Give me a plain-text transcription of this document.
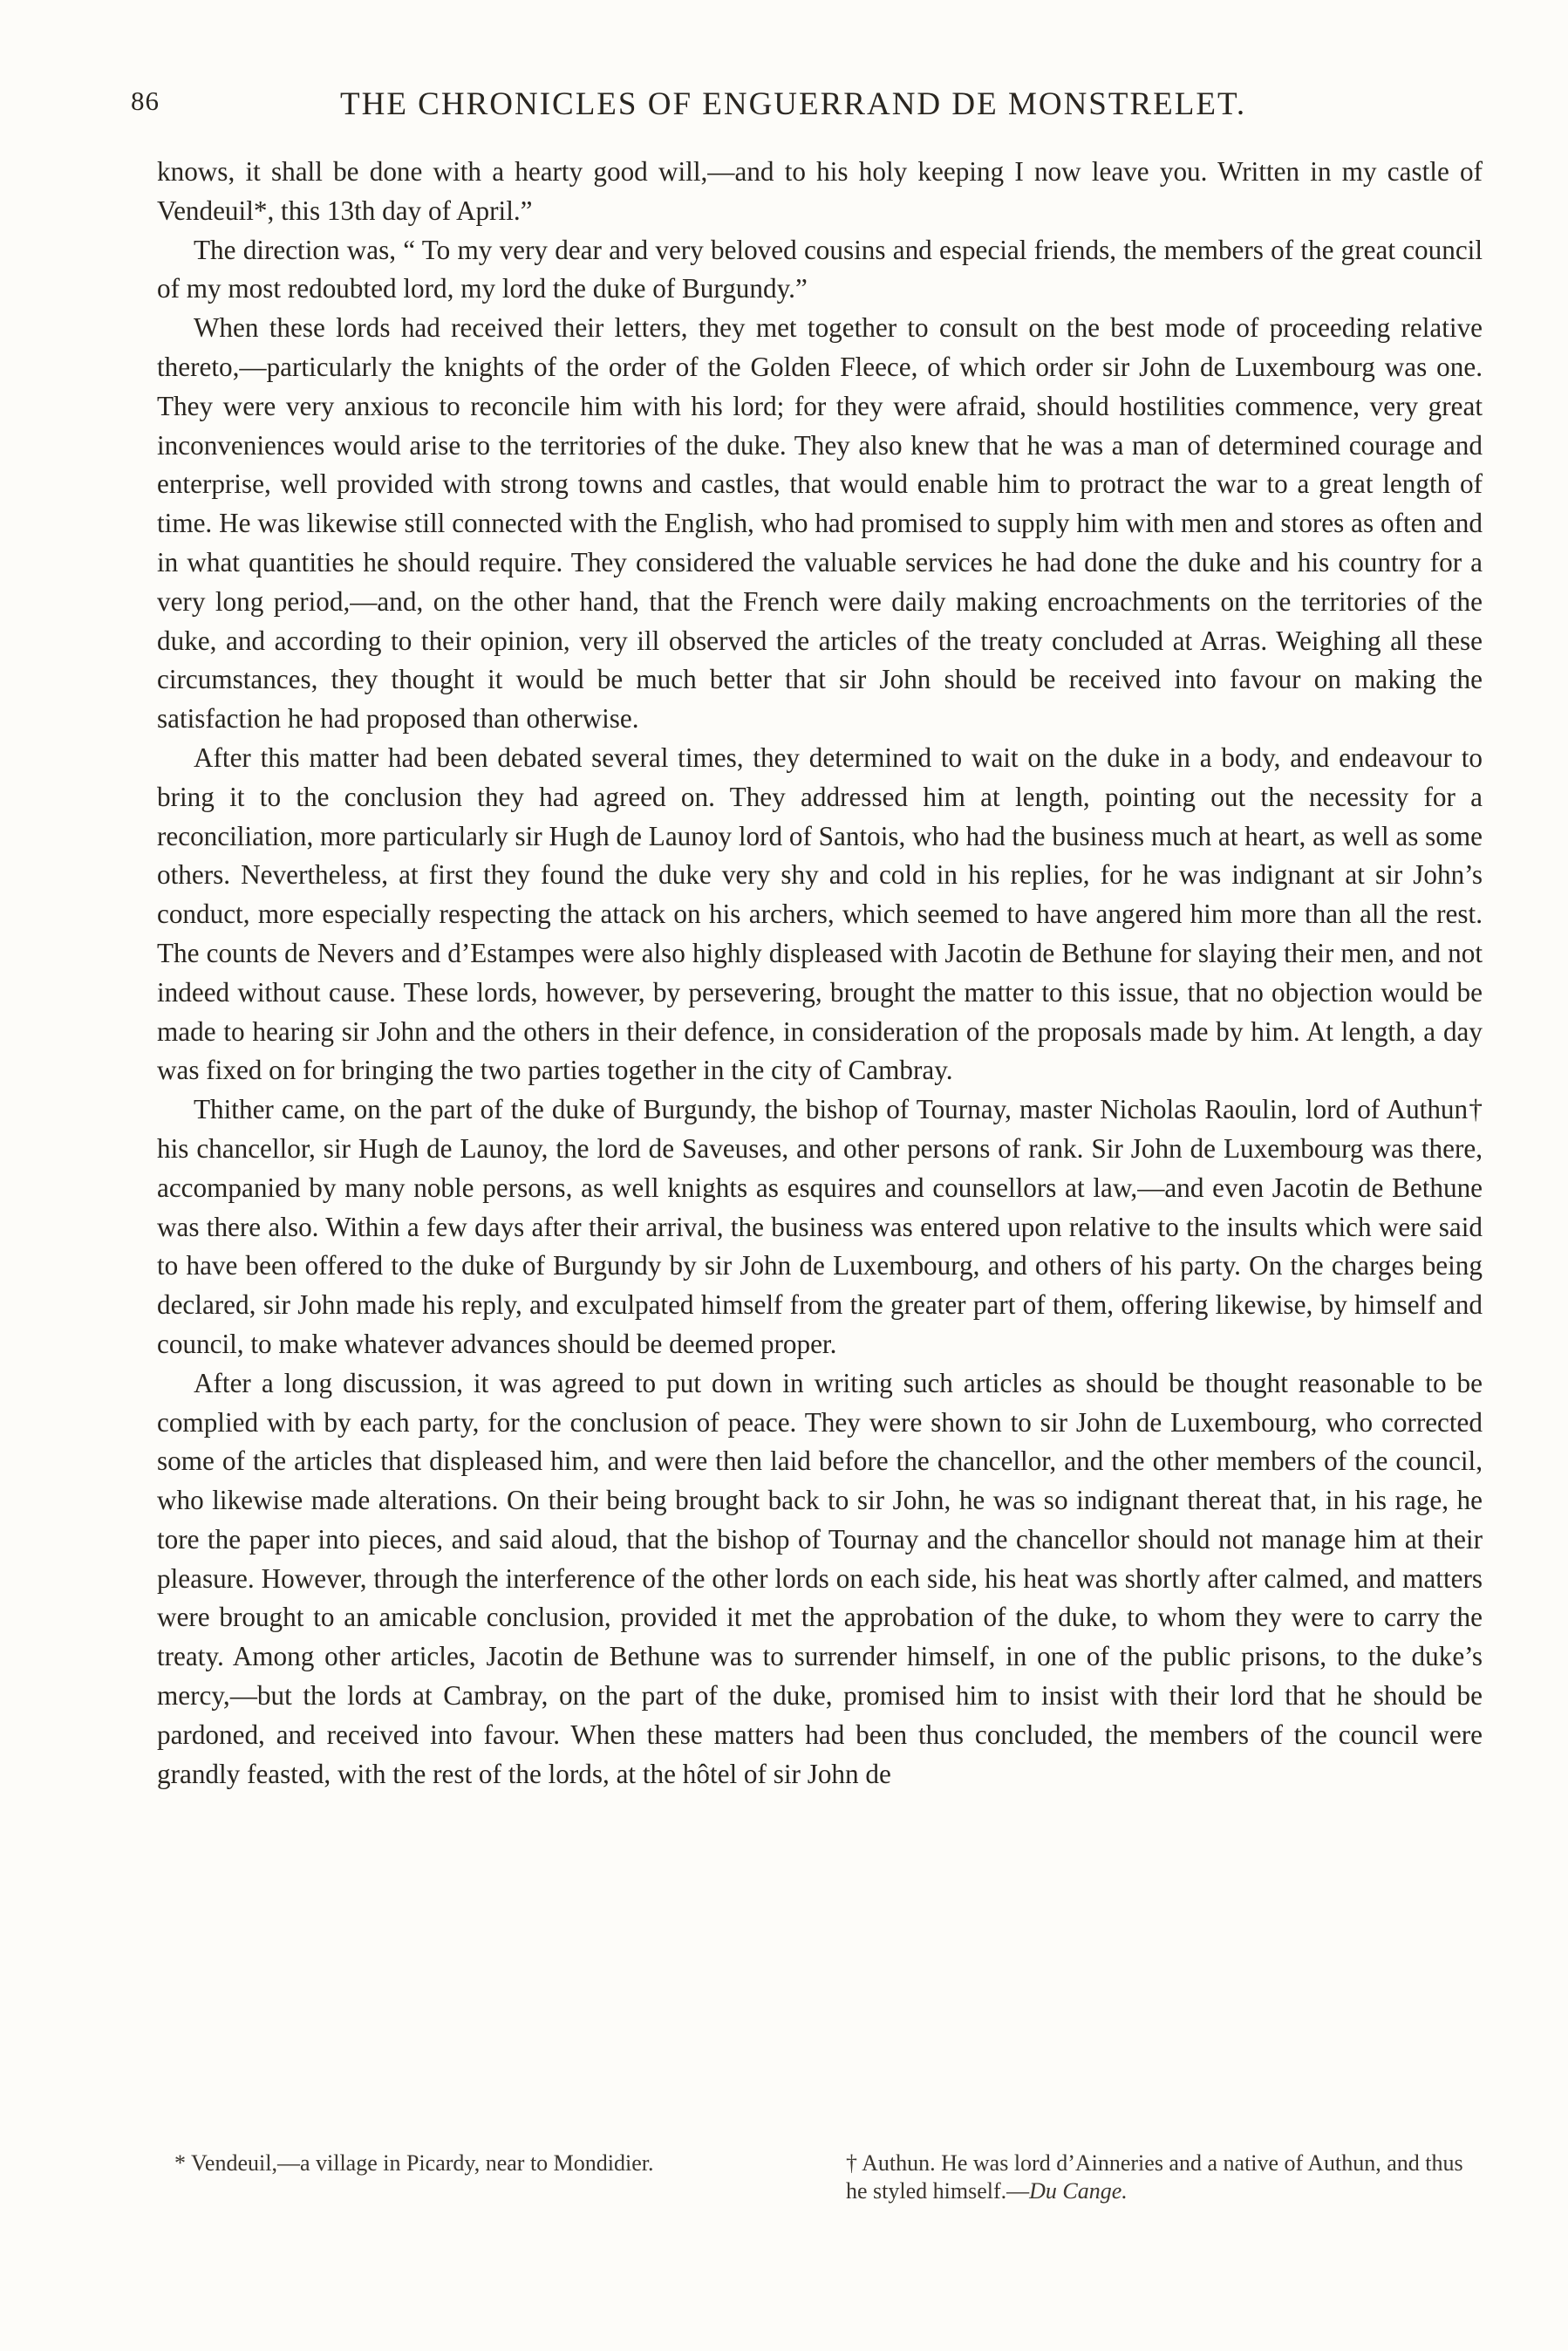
86	THE CHRONICLES OF ENGUERRAND DE MONSTRELET.

knows, it shall be done with a hearty good will,—and to his holy keeping I now leave you. Written in my castle of Vendeuil*, this 13th day of April.”

The direction was, “ To my very dear and very beloved cousins and especial friends, the members of the great council of my most redoubted lord, my lord the duke of Burgundy.”

When these lords had received their letters, they met together to consult on the best mode of proceeding relative thereto,—particularly the knights of the order of the Golden Fleece, of which order sir John de Luxembourg was one. They were very anxious to reconcile him with his lord; for they were afraid, should hostilities commence, very great inconveniences would arise to the territories of the duke. They also knew that he was a man of determined courage and enterprise, well provided with strong towns and castles, that would enable him to protract the war to a great length of time. He was likewise still connected with the English, who had promised to supply him with men and stores as often and in what quantities he should require. They considered the valuable services he had done the duke and his country for a very long period,—and, on the other hand, that the French were daily making encroachments on the territories of the duke, and according to their opinion, very ill observed the articles of the treaty concluded at Arras. Weighing all these circumstances, they thought it would be much better that sir John should be received into favour on making the satisfaction he had proposed than otherwise.

After this matter had been debated several times, they determined to wait on the duke in a body, and endeavour to bring it to the conclusion they had agreed on. They addressed him at length, pointing out the necessity for a reconciliation, more particularly sir Hugh de Launoy lord of Santois, who had the business much at heart, as well as some others. Nevertheless, at first they found the duke very shy and cold in his replies, for he was indignant at sir John’s conduct, more especially respecting the attack on his archers, which seemed to have angered him more than all the rest. The counts de Nevers and d’Estampes were also highly displeased with Jacotin de Bethune for slaying their men, and not indeed without cause. These lords, however, by persevering, brought the matter to this issue, that no objection would be made to hearing sir John and the others in their defence, in consideration of the proposals made by him. At length, a day was fixed on for bringing the two parties together in the city of Cambray.

Thither came, on the part of the duke of Burgundy, the bishop of Tournay, master Nicholas Raoulin, lord of Authun† his chancellor, sir Hugh de Launoy, the lord de Saveuses, and other persons of rank. Sir John de Luxembourg was there, accompanied by many noble persons, as well knights as esquires and counsellors at law,—and even Jacotin de Bethune was there also. Within a few days after their arrival, the business was entered upon relative to the insults which were said to have been offered to the duke of Burgundy by sir John de Luxembourg, and others of his party. On the charges being declared, sir John made his reply, and exculpated himself from the greater part of them, offering likewise, by himself and council, to make whatever advances should be deemed proper.

After a long discussion, it was agreed to put down in writing such articles as should be thought reasonable to be complied with by each party, for the conclusion of peace. They were shown to sir John de Luxembourg, who corrected some of the articles that displeased him, and were then laid before the chancellor, and the other members of the council, who likewise made alterations. On their being brought back to sir John, he was so indignant thereat that, in his rage, he tore the paper into pieces, and said aloud, that the bishop of Tournay and the chancellor should not manage him at their pleasure. However, through the interference of the other lords on each side, his heat was shortly after calmed, and matters were brought to an amicable conclusion, provided it met the approbation of the duke, to whom they were to carry the treaty. Among other articles, Jacotin de Bethune was to surrender himself, in one of the public prisons, to the duke’s mercy,—but the lords at Cambray, on the part of the duke, promised him to insist with their lord that he should be pardoned, and received into favour. When these matters had been thus concluded, the members of the council were grandly feasted, with the rest of the lords, at the hôtel of sir John de

* Vendeuil,—a village in Picardy, near to Mondidier.	† Authun. He was lord d’Ainneries and a native of Authun, and thus he styled himself.—Du Cange.
